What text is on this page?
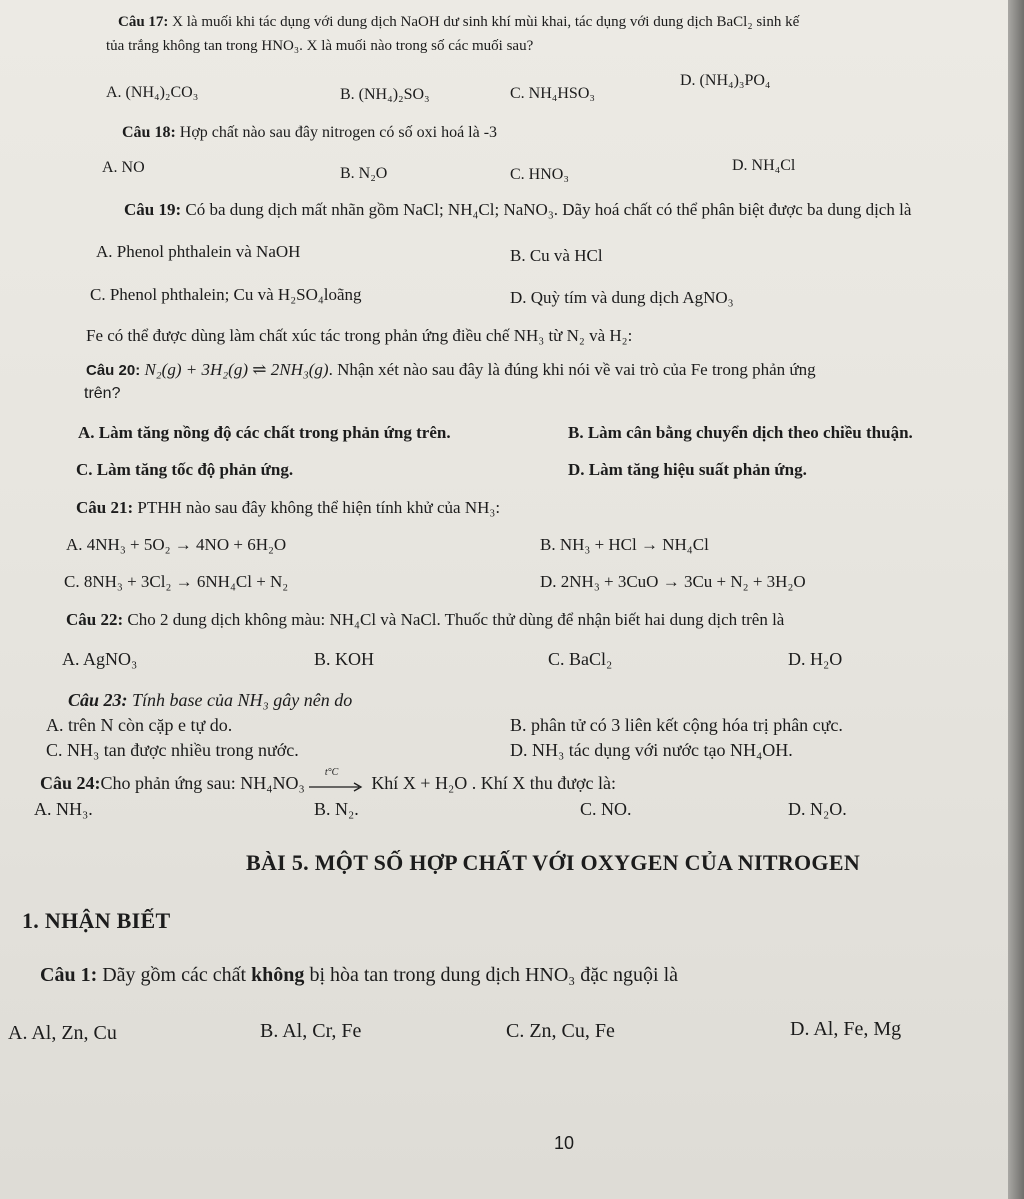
Câu 17: X là muối khi tác dụng với dung dịch NaOH dư sinh khí mùi khai, tác dụng với dung dịch BaCl₂ sinh kế
tủa trắng không tan trong HNO₃. X là muối nào trong số các muối sau?
A. (NH₄)₂CO₃	B. (NH₄)₂SO₃	C. NH₄HSO₃
D. (NH₄)₃PO₄
Câu 18: Hợp chất nào sau đây nitrogen có số oxi hoá là -3
A. NO	B. N₂O	C. HNO₃
D. NH₄Cl
Câu 19: Có ba dung dịch mất nhãn gồm NaCl; NH₄Cl; NaNO₃. Dãy hoá chất có thể phân biệt được ba dung dịch là
A. Phenol phthalein và NaOH	B. Cu và HCl
C. Phenol phthalein; Cu và H₂SO₄loãng	D. Quỳ tím và dung dịch AgNO₃
Fe có thể được dùng làm chất xúc tác trong phản ứng điều chế NH₃ từ N₂ và H₂:
Câu 20: N₂(g) + 3H₂(g) ⇌ 2NH₃(g). Nhận xét nào sau đây là đúng khi nói về vai trò của Fe trong phản ứng
trên?
A. Làm tăng nồng độ các chất trong phản ứng trên.	B. Làm cân bằng chuyển dịch theo chiều thuận.
C. Làm tăng tốc độ phản ứng.	D. Làm tăng hiệu suất phản ứng.
Câu 21: PTHH nào sau đây không thể hiện tính khử của NH₃:
A. 4NH₃ + 5O₂ → 4NO + 6H₂O	B. NH₃ + HCl → NH₄Cl
C. 8NH₃ + 3Cl₂ → 6NH₄Cl + N₂	D. 2NH₃ + 3CuO → 3Cu + N₂ + 3H₂O
Câu 22: Cho 2 dung dịch không màu: NH₄Cl và NaCl. Thuốc thử dùng để nhận biết hai dung dịch trên là
A. AgNO₃	B. KOH	C. BaCl₂	D. H₂O
Câu 23: Tính base của NH₃ gây nên do
A. trên N còn cặp e tự do.	B. phân tử có 3 liên kết cộng hóa trị phân cực.
C. NH₃ tan được nhiều trong nước.	D. NH₃ tác dụng với nước tạo NH₄OH.
Câu 24:Cho phản ứng sau: NH₄NO₃
t°C
Khí X + H₂O . Khí X thu được là:
A. NH₃.	B. N₂.	C. NO.	D. N₂O.
BÀI 5. MỘT SỐ HỢP CHẤT VỚI OXYGEN CỦA NITROGEN
1. NHẬN BIẾT
Câu 1: Dãy gồm các chất không bị hòa tan trong dung dịch HNO₃ đặc nguội là
A. Al, Zn, Cu	B. Al, Cr, Fe	C. Zn, Cu, Fe	D. Al, Fe, Mg
10
